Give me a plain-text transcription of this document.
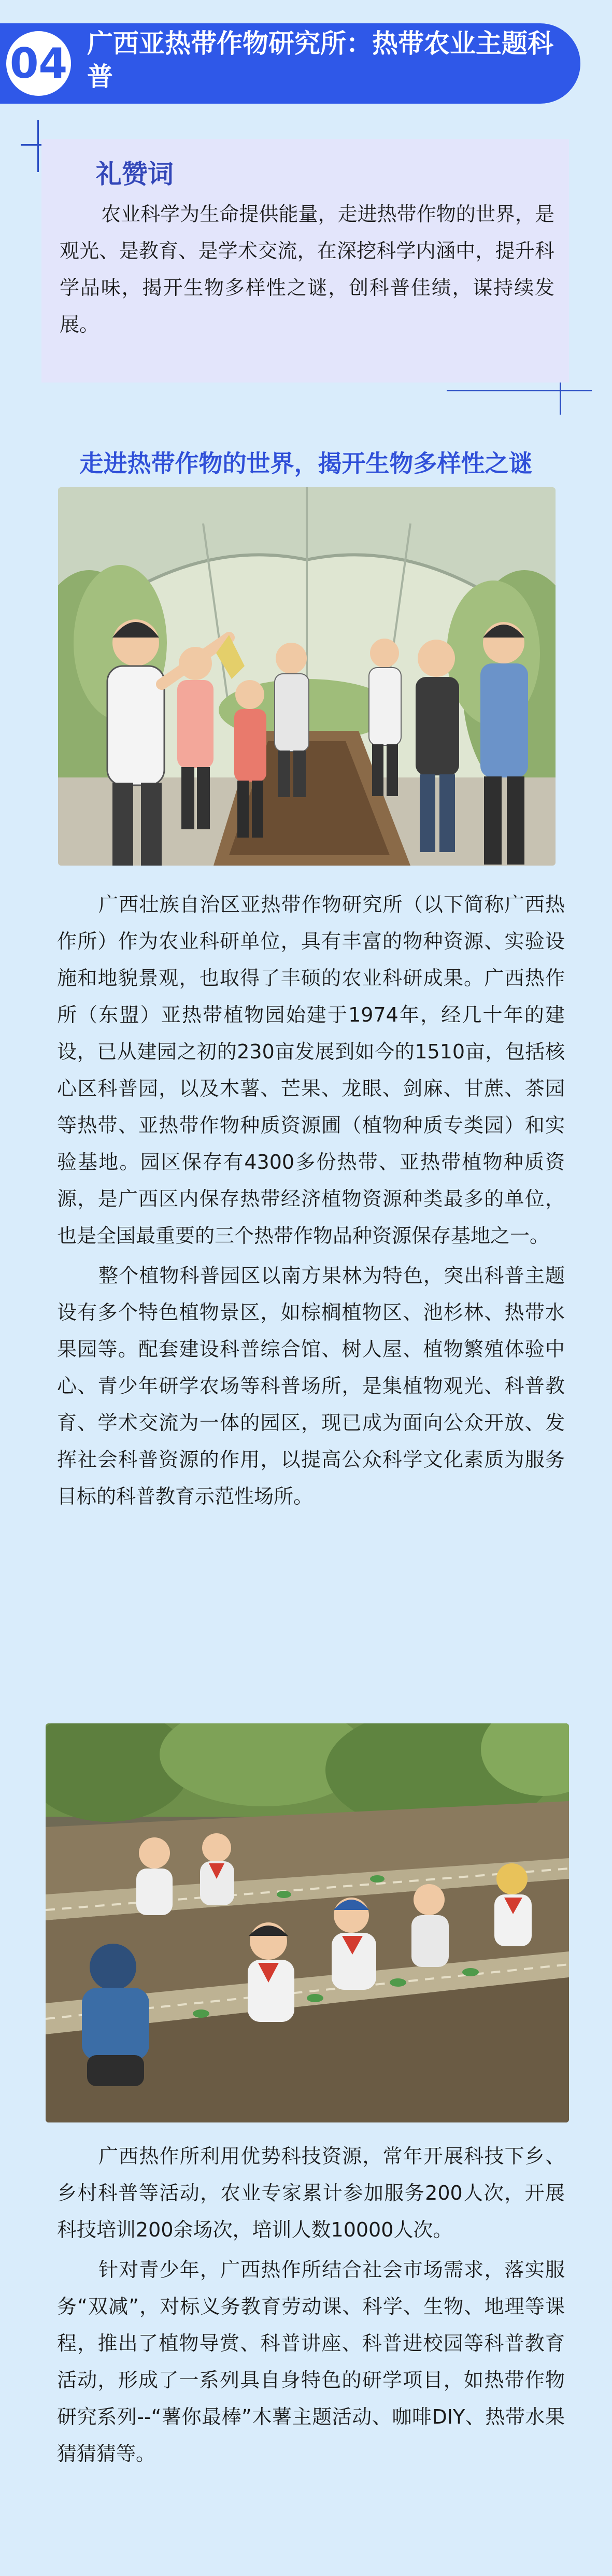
04 广西亚热带作物研究所：热带农业主题科普
礼赞词
农业科学为生命提供能量，走进热带作物的世界，是观光、是教育、是学术交流，在深挖科学内涵中，提升科学品味，揭开生物多样性之谜，创科普佳绩，谋持续发展。
走进热带作物的世界，揭开生物多样性之谜

广西壮族自治区亚热带作物研究所（以下简称广西热作所）作为农业科研单位，具有丰富的物种资源、实验设施和地貌景观，也取得了丰硕的农业科研成果。广西热作所（东盟）亚热带植物园始建于1974年，经几十年的建设，已从建园之初的230亩发展到如今的1510亩，包括核心区科普园，以及木薯、芒果、龙眼、剑麻、甘蔗、茶园等热带、亚热带作物种质资源圃（植物种质专类园）和实验基地。园区保存有4300多份热带、亚热带植物种质资源，是广西区内保存热带经济植物资源种类最多的单位，也是全国最重要的三个热带作物品种资源保存基地之一。

整个植物科普园区以南方果林为特色，突出科普主题设有多个特色植物景区，如棕榈植物区、池杉林、热带水果园等。配套建设科普综合馆、树人屋、植物繁殖体验中心、青少年研学农场等科普场所，是集植物观光、科普教育、学术交流为一体的园区，现已成为面向公众开放、发挥社会科普资源的作用，以提高公众科学文化素质为服务目标的科普教育示范性场所。

广西热作所利用优势科技资源，常年开展科技下乡、乡村科普等活动，农业专家累计参加服务200人次，开展科技培训200余场次，培训人数10000人次。

针对青少年，广西热作所结合社会市场需求，落实服务“双减”，对标义务教育劳动课、科学、生物、地理等课程，推出了植物导赏、科普讲座、科普进校园等科普教育活动，形成了一系列具自身特色的研学项目，如热带作物研究系列--“薯你最棒”木薯主题活动、咖啡DIY、热带水果猜猜猜等。
